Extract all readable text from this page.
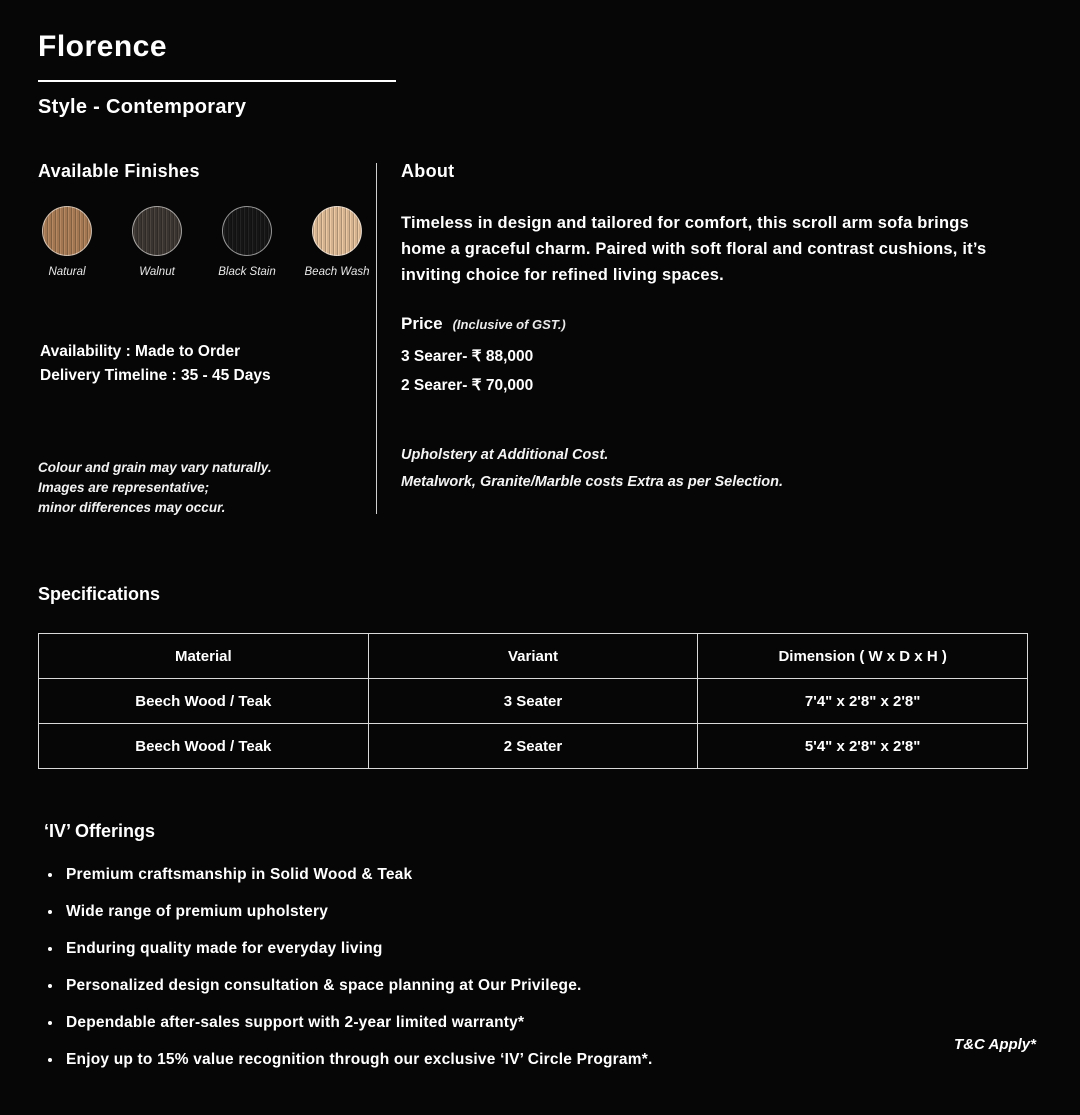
Florence
Style - Contemporary
Available Finishes
Natural	Walnut	Black Stain Beach Wash
Availability : Made to Order
Delivery Timeline : 35 - 45 Days
Colour and grain may vary naturally.
Images are representative;
minor differences may occur.
About
Timeless in design and tailored for comfort, this scroll arm sofa brings home a graceful charm. Paired with soft floral and contrast cushions, it’s inviting choice for refined living spaces.
Price (Inclusive of GST.)
3 Searer- ₹ 88,000
2 Searer- ₹ 70,000
Upholstery at Additional Cost.
Metalwork, Granite/Marble costs Extra as per Selection.
Specifications
Material	Variant	Dimension ( W x D x H )
Beech Wood / Teak	3 Seater	7'4" x 2'8" x 2'8"
Beech Wood / Teak	2 Seater	5'4" x 2'8" x 2'8"
‘IV’ Offerings
Premium craftsmanship in Solid Wood & Teak
Wide range of premium upholstery
Enduring quality made for everyday living
Personalized design consultation & space planning at Our Privilege.
Dependable after-sales support with 2-year limited warranty*
Enjoy up to 15% value recognition through our exclusive ‘IV’ Circle Program*.
T&C Apply*
